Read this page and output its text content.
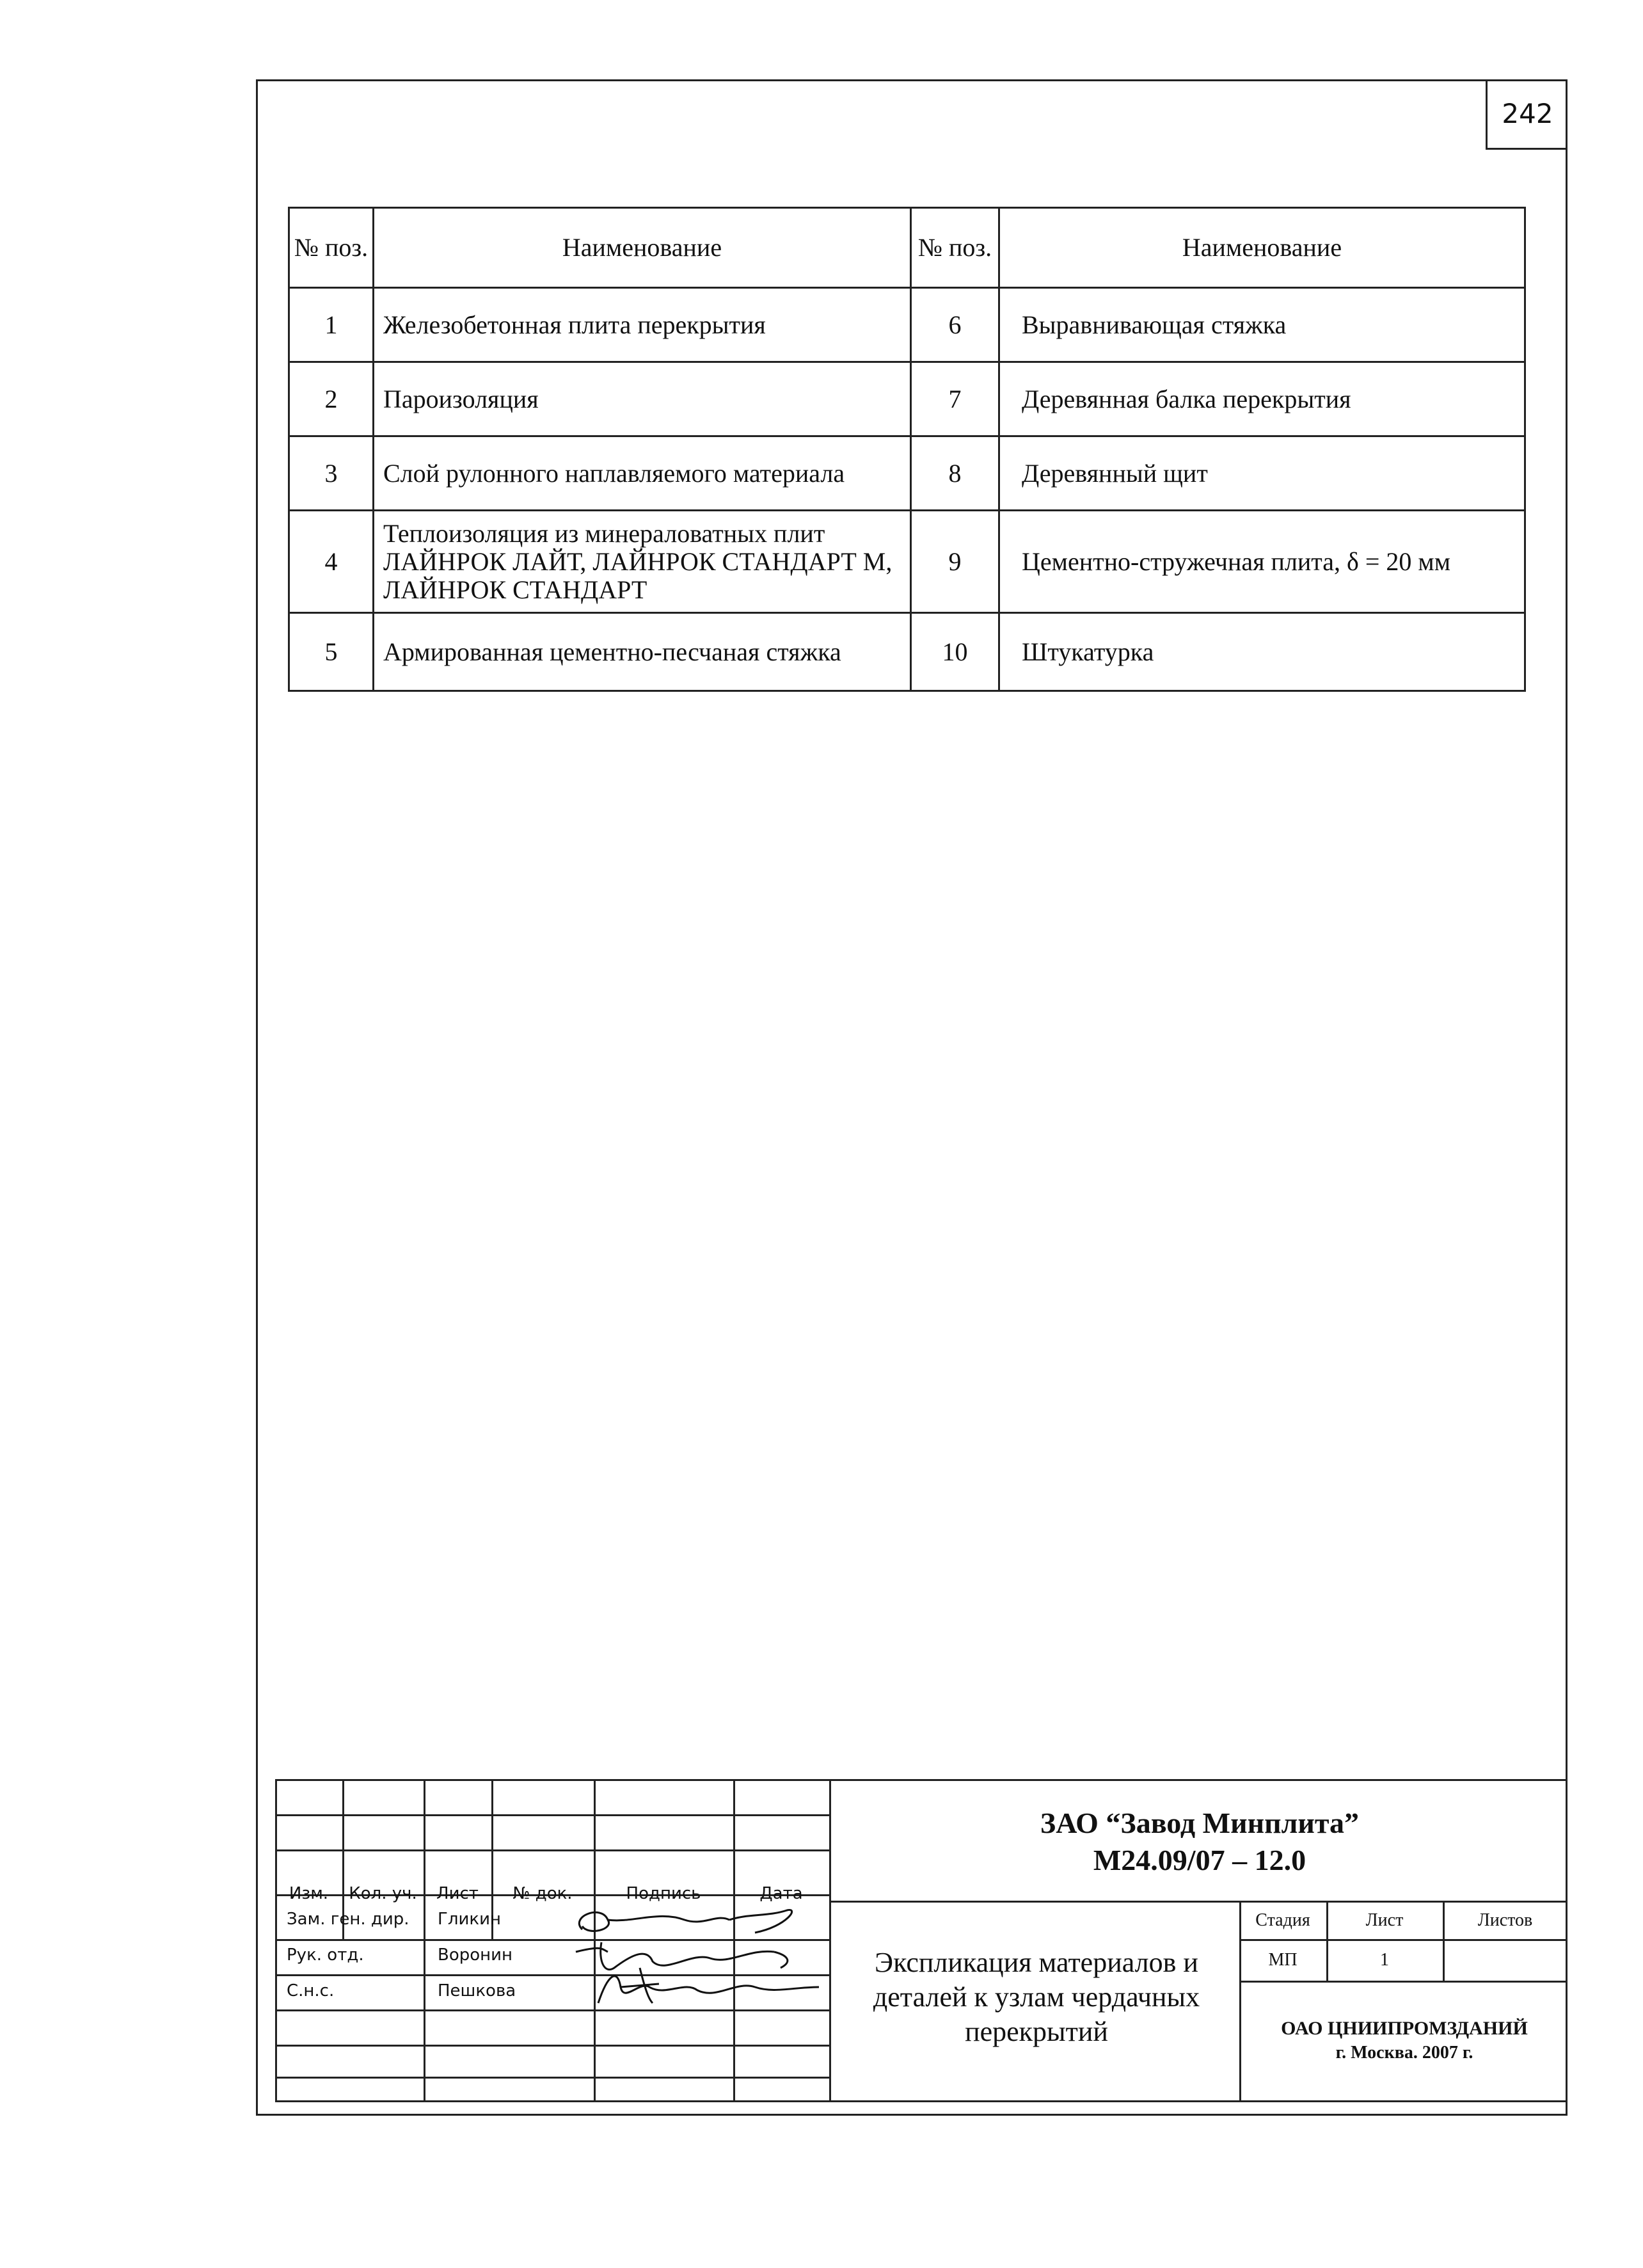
242
№ поз.	Наименование	№ поз.	Наименование
1	Железобетонная плита перекрытия	6	Выравнивающая стяжка
2	Пароизоляция	7	Деревянная балка перекрытия
3	Слой рулонного наплавляемого материала	8	Деревянный щит
4	Теплоизоляция из минераловатных плит ЛАЙНРОК ЛАЙТ, ЛАЙНРОК СТАНДАРТ М, ЛАЙНРОК СТАНДАРТ	9	Цементно-стружечная плита, δ = 20 мм
5	Армированная цементно-песчаная стяжка	10	Штукатурка
Изм.	Кол. уч.	Лист	№ док.	Подпись	Дата
Зам. ген. дир. Гликин
Рук. отд.	Воронин
С.н.с.	Пешкова
ЗАО “Завод Минплита”
М24.09/07 – 12.0
Экспликация материалов и деталей к узлам чердачных перекрытий
Стадия	Лист	Листов
МП	1
ОАО ЦНИИПРОМЗДАНИЙ
г. Москва. 2007 г.
